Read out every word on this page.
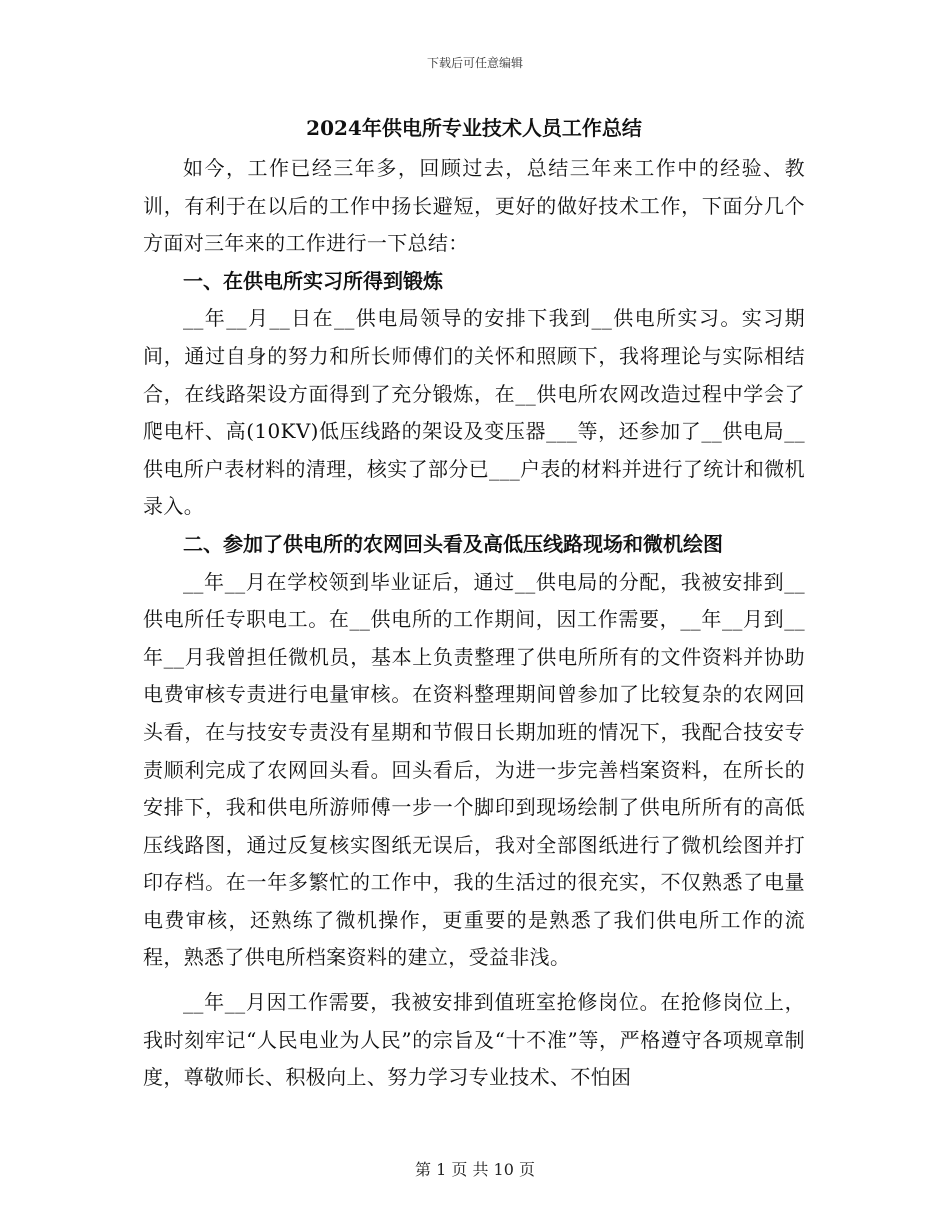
下载后可任意编辑
2024年供电所专业技术人员工作总结

如今，工作已经三年多，回顾过去，总结三年来工作中的经验、教训，有利于在以后的工作中扬长避短，更好的做好技术工作，下面分几个方面对三年来的工作进行一下总结：

一、在供电所实习所得到锻炼

__年__月__日在__供电局领导的安排下我到__供电所实习。实习期间，通过自身的努力和所长师傅们的关怀和照顾下，我将理论与实际相结合，在线路架设方面得到了充分锻炼，在__供电所农网改造过程中学会了爬电杆、高(10KV)低压线路的架设及变压器___等，还参加了__供电局__供电所户表材料的清理，核实了部分已___户表的材料并进行了统计和微机录入。

二、参加了供电所的农网回头看及高低压线路现场和微机绘图

__年__月在学校领到毕业证后，通过__供电局的分配，我被安排到__供电所任专职电工。在__供电所的工作期间，因工作需要，__年__月到__年__月我曾担任微机员，基本上负责整理了供电所所有的文件资料并协助电费审核专责进行电量审核。在资料整理期间曾参加了比较复杂的农网回头看，在与技安专责没有星期和节假日长期加班的情况下，我配合技安专责顺利完成了农网回头看。回头看后，为进一步完善档案资料，在所长的安排下，我和供电所游师傅一步一个脚印到现场绘制了供电所所有的高低压线路图，通过反复核实图纸无误后，我对全部图纸进行了微机绘图并打印存档。在一年多繁忙的工作中，我的生活过的很充实，不仅熟悉了电量电费审核，还熟练了微机操作，更重要的是熟悉了我们供电所工作的流程，熟悉了供电所档案资料的建立，受益非浅。

__年__月因工作需要，我被安排到值班室抢修岗位。在抢修岗位上，我时刻牢记“人民电业为人民”的宗旨及“十不准”等，严格遵守各项规章制度，尊敬师长、积极向上、努力学习专业技术、不怕困

第 1 页 共 10 页
